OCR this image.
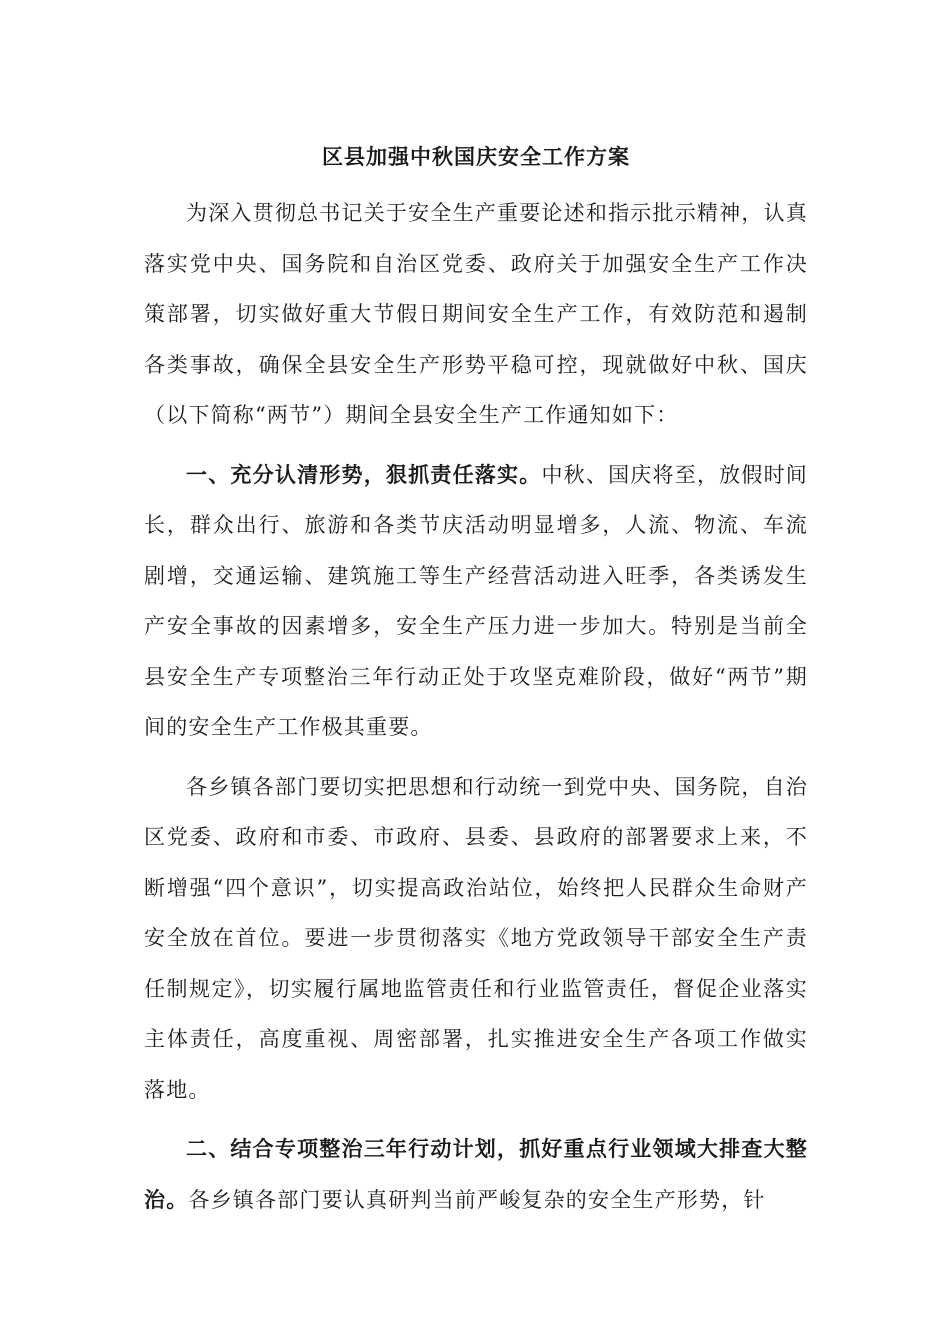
区县加强中秋国庆安全工作方案

为深入贯彻总书记关于安全生产重要论述和指示批示精神，认真落实党中央、国务院和自治区党委、政府关于加强安全生产工作决策部署，切实做好重大节假日期间安全生产工作，有效防范和遏制各类事故，确保全县安全生产形势平稳可控，现就做好中秋、国庆（以下简称“两节”）期间全县安全生产工作通知如下：

一、充分认清形势，狠抓责任落实。中秋、国庆将至，放假时间长，群众出行、旅游和各类节庆活动明显增多，人流、物流、车流剧增，交通运输、建筑施工等生产经营活动进入旺季，各类诱发生产安全事故的因素增多，安全生产压力进一步加大。特别是当前全县安全生产专项整治三年行动正处于攻坚克难阶段，做好“两节”期间的安全生产工作极其重要。

各乡镇各部门要切实把思想和行动统一到党中央、国务院，自治区党委、政府和市委、市政府、县委、县政府的部署要求上来，不断增强“四个意识”，切实提高政治站位，始终把人民群众生命财产安全放在首位。要进一步贯彻落实《地方党政领导干部安全生产责任制规定》，切实履行属地监管责任和行业监管责任，督促企业落实主体责任，高度重视、周密部署，扎实推进安全生产各项工作做实落地。

二、结合专项整治三年行动计划，抓好重点行业领域大排查大整治。各乡镇各部门要认真研判当前严峻复杂的安全生产形势，针
